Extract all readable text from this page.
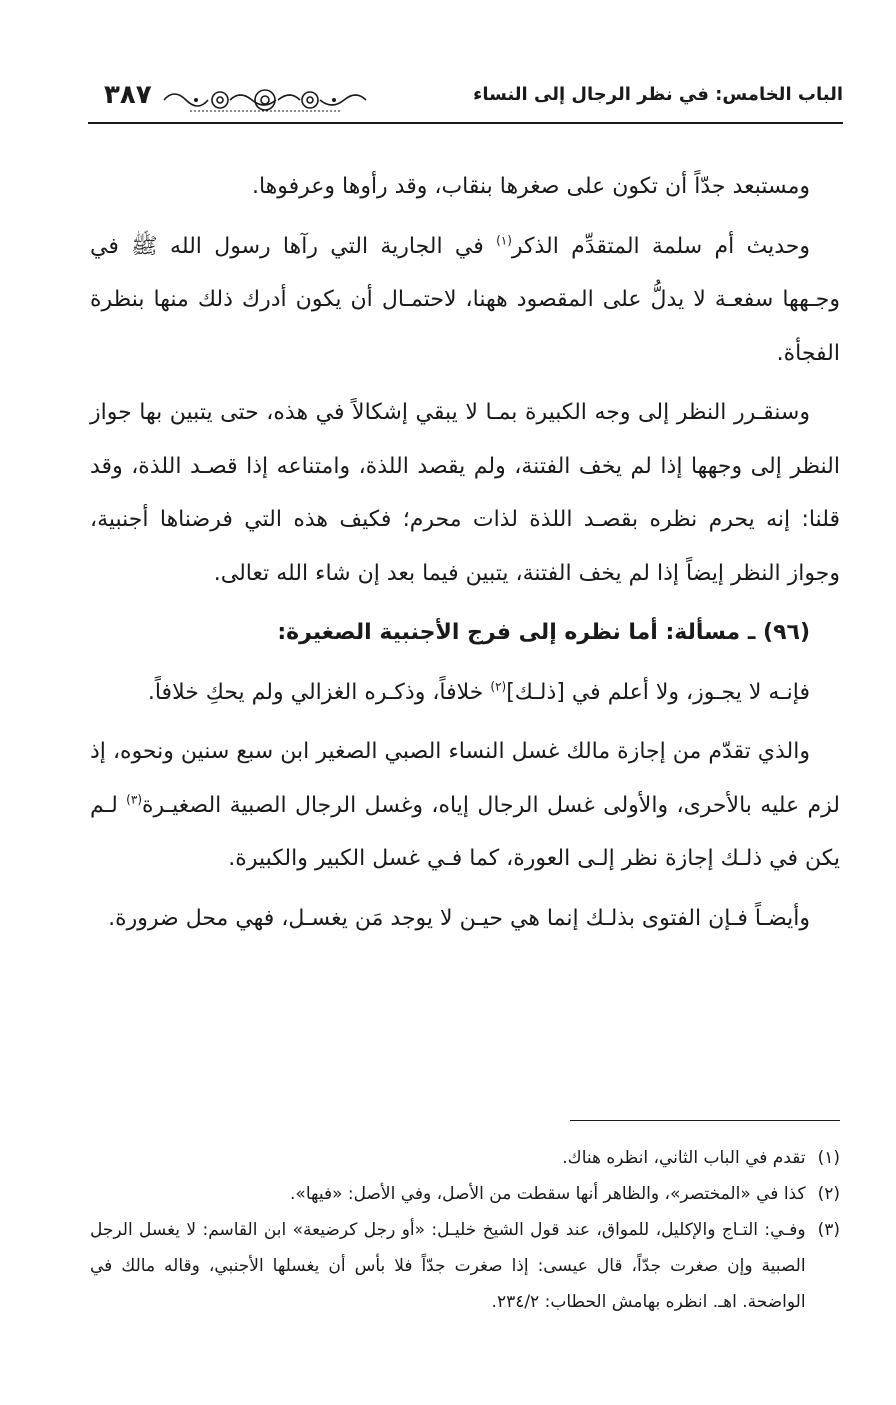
الباب الخامس: في نظر الرجال إلى النساء
٣٨٧

ومستبعد جدّاً أن تكون على صغرها بنقاب، وقد رأوها وعرفوها.

وحديث أم سلمة المتقدِّم الذكر$^{(١)}$ في الجارية التي رآها رسول الله ﷺ في وجـهها سفعـة لا يدلُّ على المقصود ههنا، لاحتمـال أن يكون أدرك ذلك منها بنظرة الفجأة.

وسنقـرر النظر إلى وجه الكبيرة بمـا لا يبقي إشكالاً في هذه، حتى يتبين بها جواز النظر إلى وجهها إذا لم يخف الفتنة، ولم يقصد اللذة، وامتناعه إذا قصـد اللذة، وقد قلنا: إنه يحرم نظره بقصـد اللذة لذات محرم؛ فكيف هذه التي فرضناها أجنبية، وجواز النظر إيضاً إذا لم يخف الفتنة، يتبين فيما بعد إن شاء الله تعالى.

(٩٦) ـ مسألة: أما نظره إلى فرج الأجنبية الصغيرة:

فإنـه لا يجـوز، ولا أعلم في [ذلـك]$^{(٢)}$ خلافاً، وذكـره الغزالي ولم يحكِ خلافاً.

والذي تقدّم من إجازة مالك غسل النساء الصبي الصغير ابن سبع سنين ونحوه، إذ لزم عليه بالأحرى، والأولى غسل الرجال إياه، وغسل الرجال الصبية الصغيـرة$^{(٣)}$ لـم يكن في ذلـك إجازة نظر إلـى العورة، كما فـي غسل الكبير والكبيرة.

وأيضـاً فـإن الفتوى بذلـك إنما هي حيـن لا يوجد مَن يغسـل، فهي محل ضرورة.

(١)
تقدم في الباب الثاني، انظره هناك.
(٢)
كذا في «المختصر»، والظاهر أنها سقطت من الأصل، وفي الأصل: «فيها».
(٣)
وفـي: التـاج والإكليل، للمواق، عند قول الشيخ خليـل: «أو رجل كرضيعة» ابن القاسم: لا يغسل الرجل الصبية وإن صغرت جدّاً، قال عيسى: إذا صغرت جدّاً فلا بأس أن يغسلها الأجنبي، وقاله مالك في الواضحة. اهـ. انظره بهامش الحطاب: ٢٣٤/٢.
